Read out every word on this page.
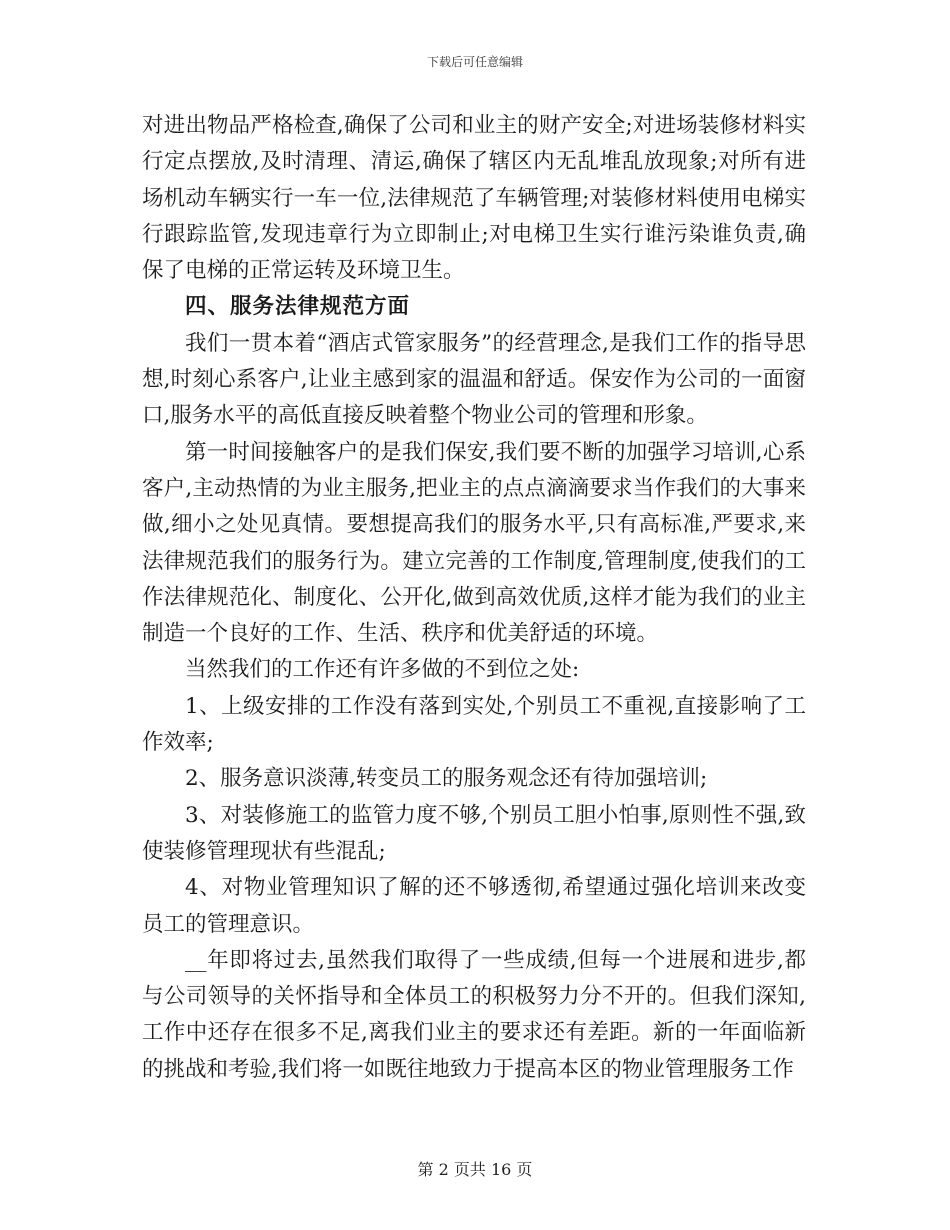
下载后可任意编辑

对进出物品严格检查,确保了公司和业主的财产安全;对进场装修材料实行定点摆放,及时清理、清运,确保了辖区内无乱堆乱放现象;对所有进场机动车辆实行一车一位,法律规范了车辆管理;对装修材料使用电梯实行跟踪监管,发现违章行为立即制止;对电梯卫生实行谁污染谁负责,确保了电梯的正常运转及环境卫生。

四、服务法律规范方面

我们一贯本着“酒店式管家服务”的经营理念,是我们工作的指导思想,时刻心系客户,让业主感到家的温温和舒适。保安作为公司的一面窗口,服务水平的高低直接反映着整个物业公司的管理和形象。

第一时间接触客户的是我们保安,我们要不断的加强学习培训,心系客户,主动热情的为业主服务,把业主的点点滴滴要求当作我们的大事来做,细小之处见真情。要想提高我们的服务水平,只有高标准,严要求,来法律规范我们的服务行为。建立完善的工作制度,管理制度,使我们的工作法律规范化、制度化、公开化,做到高效优质,这样才能为我们的业主制造一个良好的工作、生活、秩序和优美舒适的环境。

当然我们的工作还有许多做的不到位之处:

1、上级安排的工作没有落到实处,个别员工不重视,直接影响了工作效率;

2、服务意识淡薄,转变员工的服务观念还有待加强培训;

3、对装修施工的监管力度不够,个别员工胆小怕事,原则性不强,致使装修管理现状有些混乱;

4、对物业管理知识了解的还不够透彻,希望通过强化培训来改变员工的管理意识。

__年即将过去,虽然我们取得了一些成绩,但每一个进展和进步,都与公司领导的关怀指导和全体员工的积极努力分不开的。但我们深知,工作中还存在很多不足,离我们业主的要求还有差距。新的一年面临新的挑战和考验,我们将一如既往地致力于提高本区的物业管理服务工作

第 2 页共 16 页
